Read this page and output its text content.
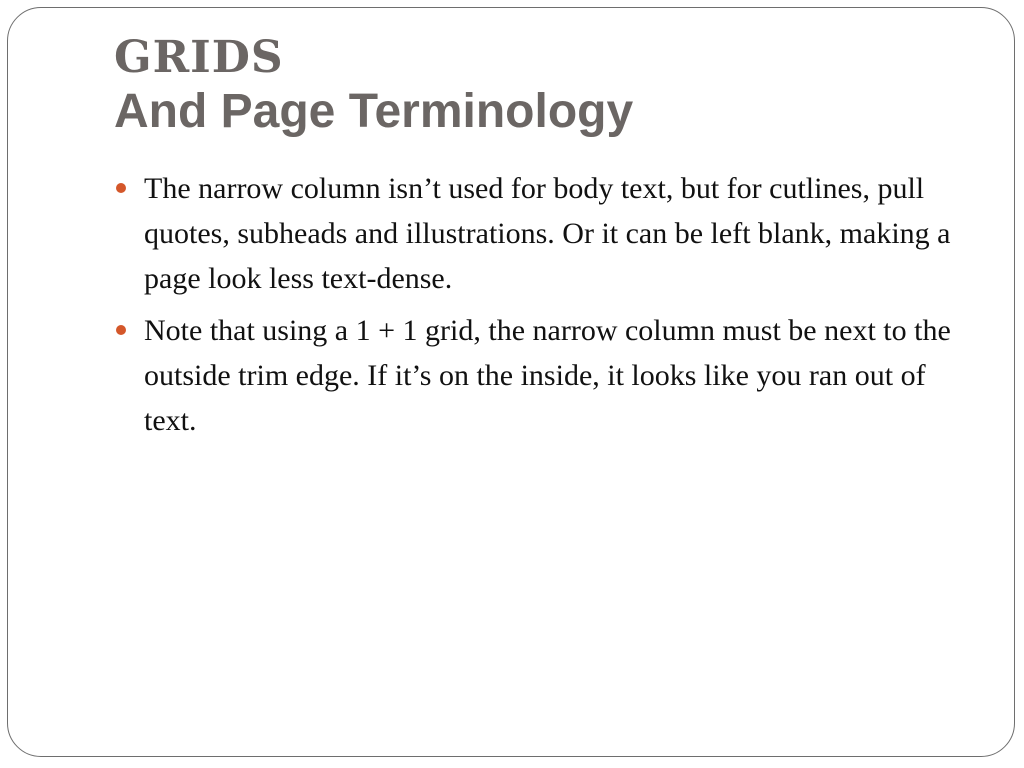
GRIDS
And Page Terminology
The narrow column isn’t used for body text, but for cutlines, pull quotes, subheads and illustrations. Or it can be left blank, making a page look less text-dense.
Note that using a 1 + 1 grid, the narrow column must be next to the outside trim edge. If it’s on the inside, it looks like you ran out of text.
